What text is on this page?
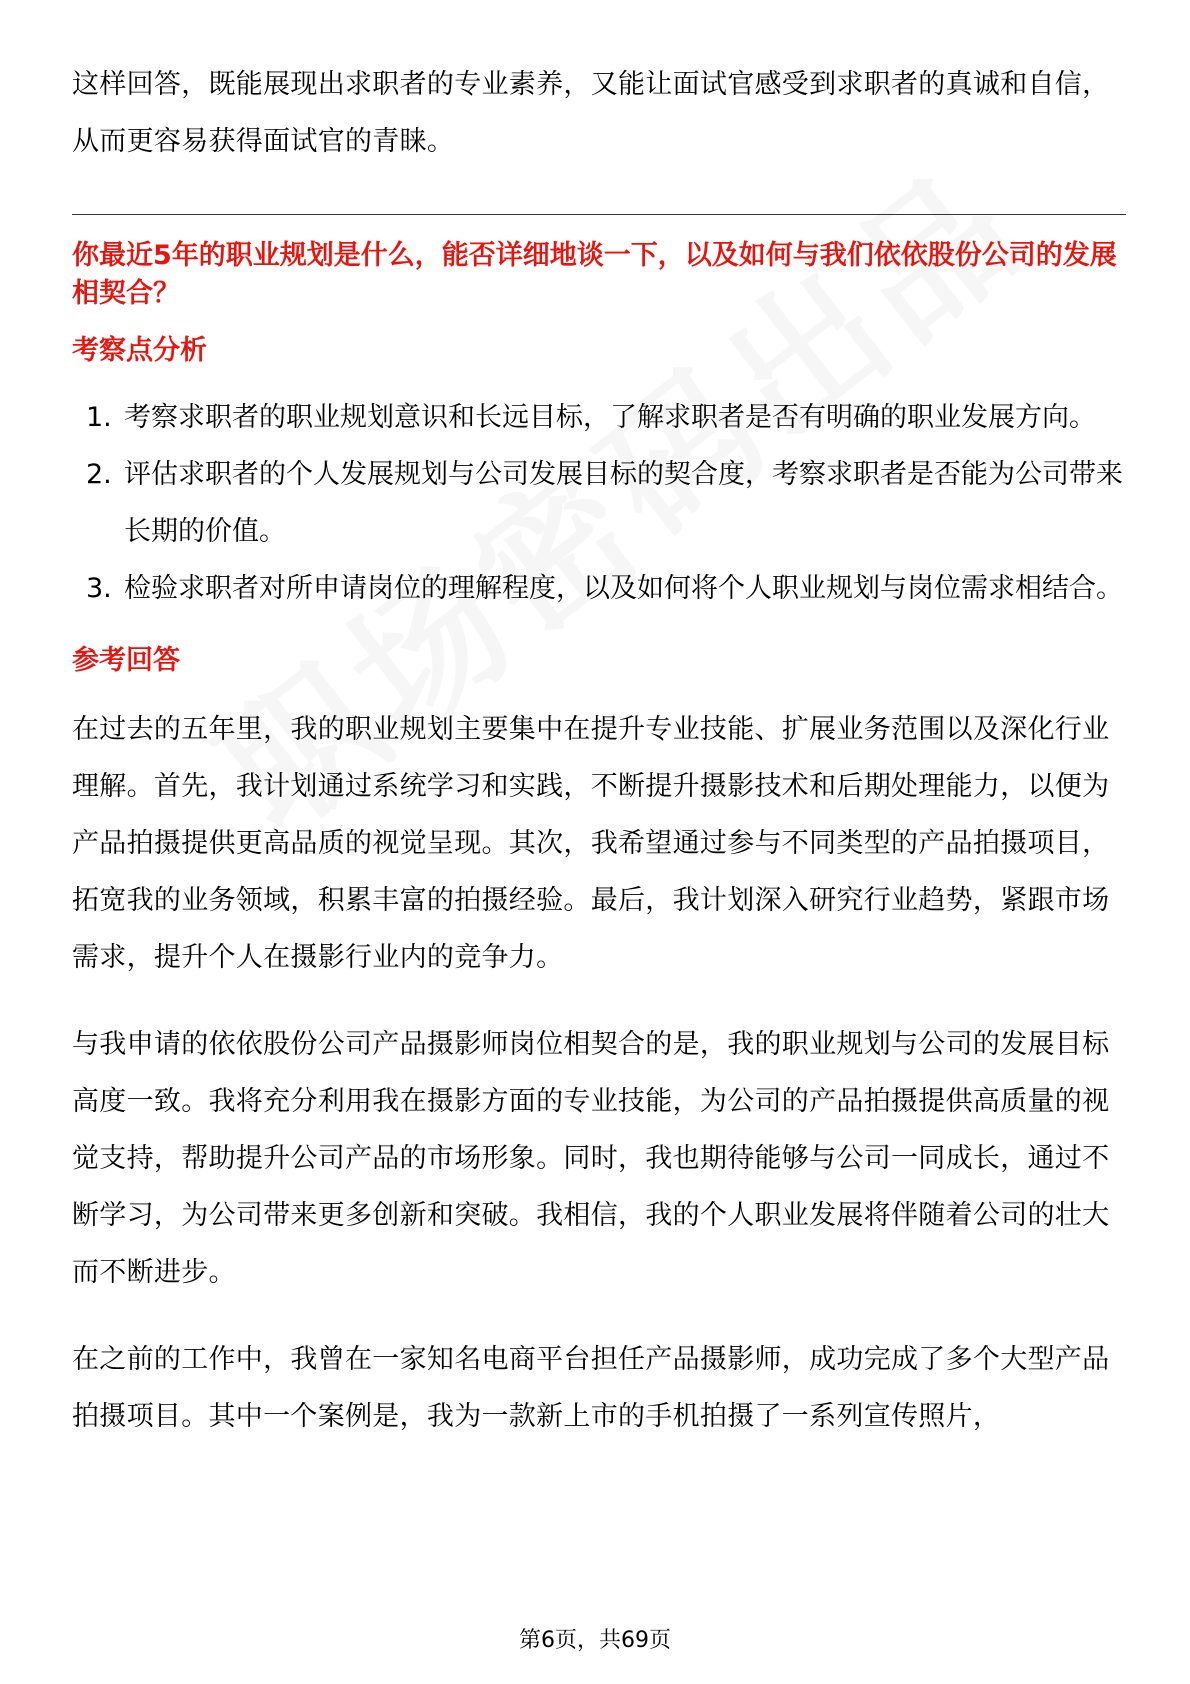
这样回答，既能展现出求职者的专业素养，又能让面试官感受到求职者的真诚和自信，从而更容易获得面试官的青睐。

你最近5年的职业规划是什么，能否详细地谈一下，以及如何与我们依依股份公司的发展相契合？

考察点分析
1. 考察求职者的职业规划意识和长远目标，了解求职者是否有明确的职业发展方向。
2. 评估求职者的个人发展规划与公司发展目标的契合度，考察求职者是否能为公司带来长期的价值。
3. 检验求职者对所申请岗位的理解程度，以及如何将个人职业规划与岗位需求相结合。
参考回答

在过去的五年里，我的职业规划主要集中在提升专业技能、扩展业务范围以及深化行业理解。首先，我计划通过系统学习和实践，不断提升摄影技术和后期处理能力，以便为产品拍摄提供更高品质的视觉呈现。其次，我希望通过参与不同类型的产品拍摄项目，拓宽我的业务领域，积累丰富的拍摄经验。最后，我计划深入研究行业趋势，紧跟市场需求，提升个人在摄影行业内的竞争力。

与我申请的依依股份公司产品摄影师岗位相契合的是，我的职业规划与公司的发展目标高度一致。我将充分利用我在摄影方面的专业技能，为公司的产品拍摄提供高质量的视觉支持，帮助提升公司产品的市场形象。同时，我也期待能够与公司一同成长，通过不断学习，为公司带来更多创新和突破。我相信，我的个人职业发展将伴随着公司的壮大而不断进步。

在之前的工作中，我曾在一家知名电商平台担任产品摄影师，成功完成了多个大型产品拍摄项目。其中一个案例是，我为一款新上市的手机拍摄了一系列宣传照片，

第6页，共69页
